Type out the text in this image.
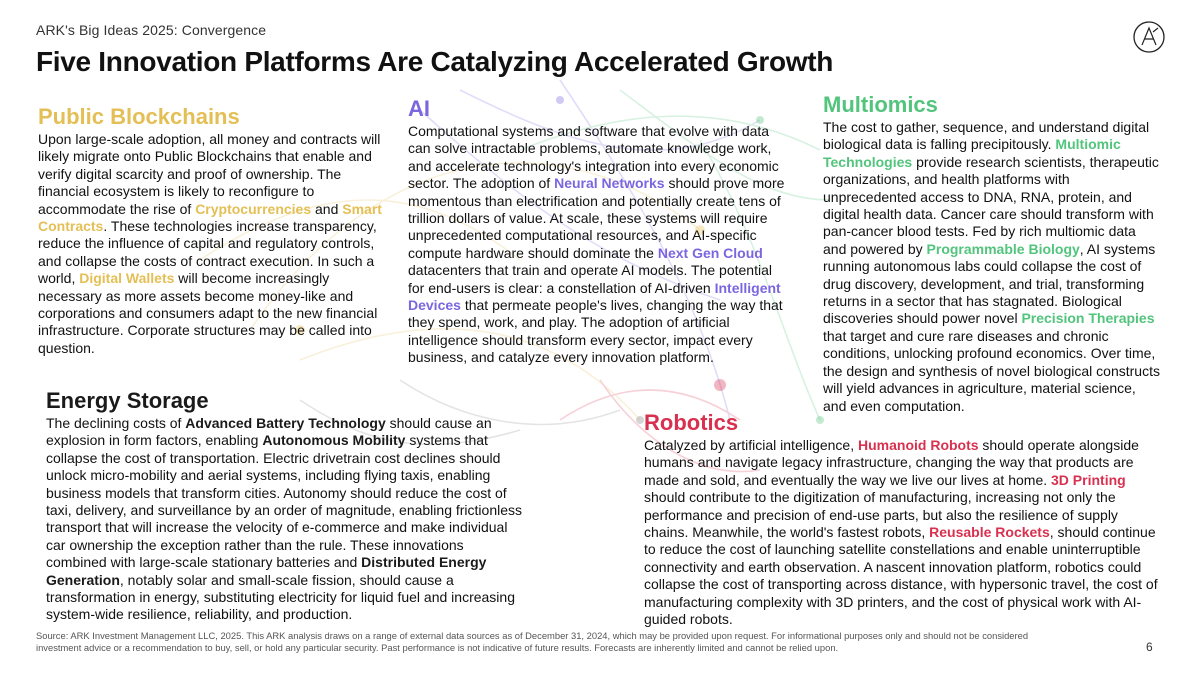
ARK's Big Ideas 2025: Convergence
Five Innovation Platforms Are Catalyzing Accelerated Growth
Public Blockchains
Upon large-scale adoption, all money and contracts will likely migrate onto Public Blockchains that enable and verify digital scarcity and proof of ownership. The financial ecosystem is likely to reconfigure to accommodate the rise of Cryptocurrencies and Smart Contracts. These technologies increase transparency, reduce the influence of capital and regulatory controls, and collapse the costs of contract execution. In such a world, Digital Wallets will become increasingly necessary as more assets become money-like and corporations and consumers adapt to the new financial infrastructure. Corporate structures may be called into question.
AI
Computational systems and software that evolve with data can solve intractable problems, automate knowledge work, and accelerate technology's integration into every economic sector. The adoption of Neural Networks should prove more momentous than electrification and potentially create tens of trillion dollars of value. At scale, these systems will require unprecedented computational resources, and AI-specific compute hardware should dominate the Next Gen Cloud datacenters that train and operate AI models. The potential for end-users is clear: a constellation of AI-driven Intelligent Devices that permeate people's lives, changing the way that they spend, work, and play. The adoption of artificial intelligence should transform every sector, impact every business, and catalyze every innovation platform.
Multiomics
The cost to gather, sequence, and understand digital biological data is falling precipitously. Multiomic Technologies provide research scientists, therapeutic organizations, and health platforms with unprecedented access to DNA, RNA, protein, and digital health data. Cancer care should transform with pan-cancer blood tests. Fed by rich multiomic data and powered by Programmable Biology, AI systems running autonomous labs could collapse the cost of drug discovery, development, and trial, transforming returns in a sector that has stagnated. Biological discoveries should power novel Precision Therapies that target and cure rare diseases and chronic conditions, unlocking profound economics. Over time, the design and synthesis of novel biological constructs will yield advances in agriculture, material science, and even computation.
Energy Storage
The declining costs of Advanced Battery Technology should cause an explosion in form factors, enabling Autonomous Mobility systems that collapse the cost of transportation. Electric drivetrain cost declines should unlock micro-mobility and aerial systems, including flying taxis, enabling business models that transform cities. Autonomy should reduce the cost of taxi, delivery, and surveillance by an order of magnitude, enabling frictionless transport that will increase the velocity of e-commerce and make individual car ownership the exception rather than the rule. These innovations combined with large-scale stationary batteries and Distributed Energy Generation, notably solar and small-scale fission, should cause a transformation in energy, substituting electricity for liquid fuel and increasing system-wide resilience, reliability, and production.
Robotics
Catalyzed by artificial intelligence, Humanoid Robots should operate alongside humans and navigate legacy infrastructure, changing the way that products are made and sold, and eventually the way we live our lives at home. 3D Printing should contribute to the digitization of manufacturing, increasing not only the performance and precision of end-use parts, but also the resilience of supply chains. Meanwhile, the world's fastest robots, Reusable Rockets, should continue to reduce the cost of launching satellite constellations and enable uninterruptible connectivity and earth observation. A nascent innovation platform, robotics could collapse the cost of transporting across distance, with hypersonic travel, the cost of manufacturing complexity with 3D printers, and the cost of physical work with AI-guided robots.
Source: ARK Investment Management LLC, 2025. This ARK analysis draws on a range of external data sources as of December 31, 2024, which may be provided upon request. For informational purposes only and should not be considered investment advice or a recommendation to buy, sell, or hold any particular security. Past performance is not indicative of future results. Forecasts are inherently limited and cannot be relied upon.	6
